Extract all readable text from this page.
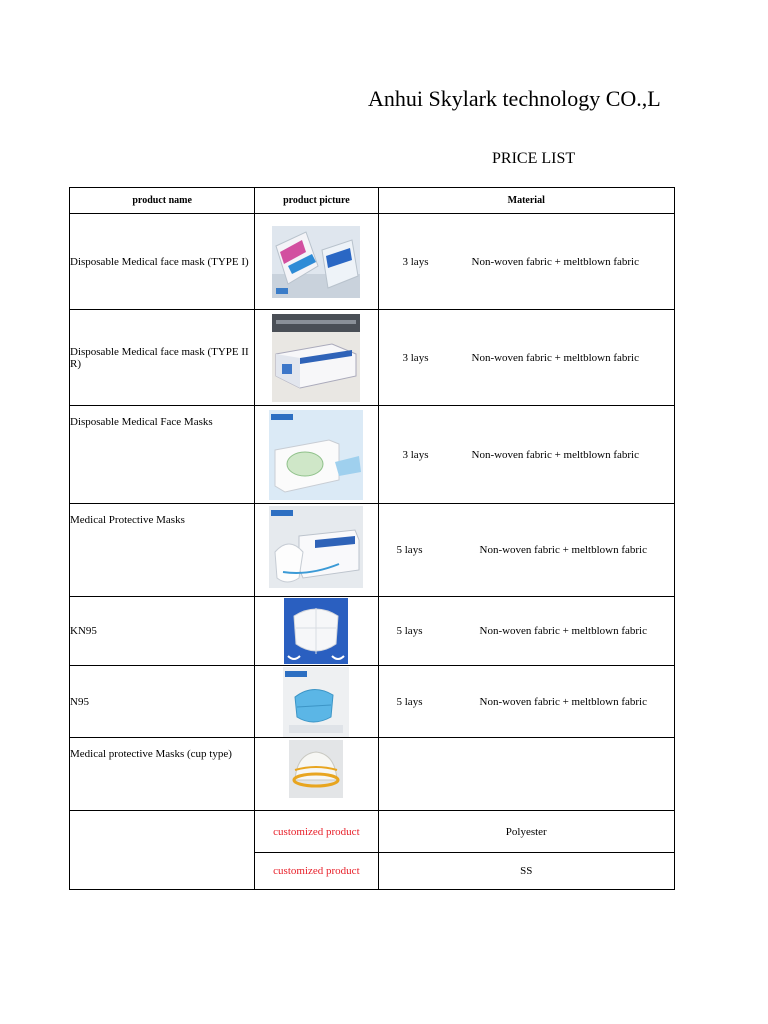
Anhui Skylark technology CO.,L
PRICE LIST
product name	product picture	Material
Disposable Medical face mask (TYPE I)		3 lays Non-woven fabric + meltblown fabric

Disposable Medical face mask (TYPE II R)		3 lays Non-woven fabric + meltblown fabric

Disposable Medical Face Masks		3 lays Non-woven fabric + meltblown fabric

Medical Protective Masks		5 lays Non-woven fabric + meltblown fabric

KN95		5 lays Non-woven fabric + meltblown fabric

N95		5 lays Non-woven fabric + meltblown fabric

Medical protective Masks (cup type)		

	customized product	Polyester
	customized product	SS
